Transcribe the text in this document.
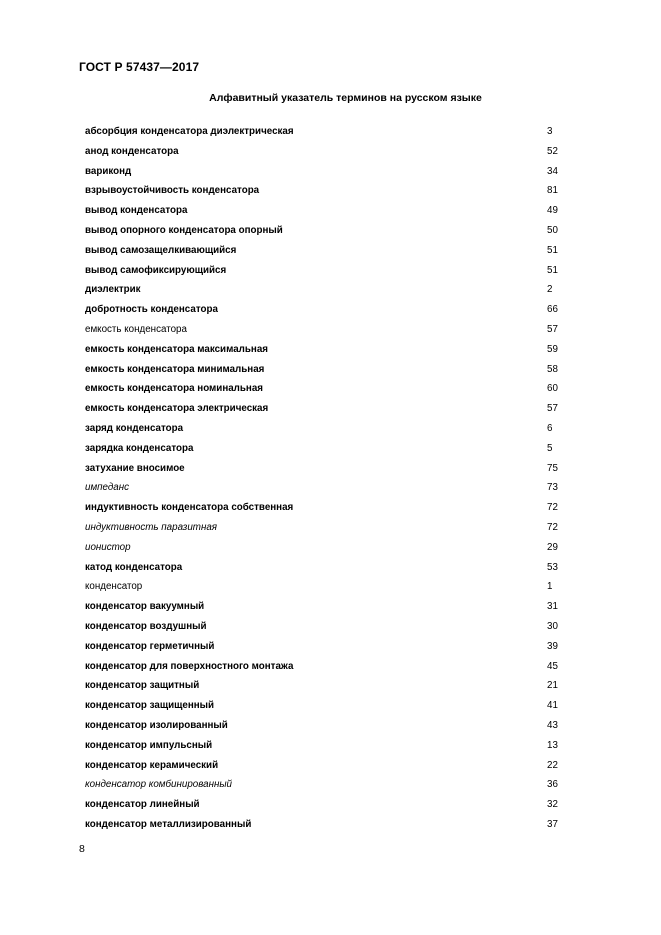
ГОСТ Р 57437—2017
Алфавитный указатель терминов на русском языке
абсорбция конденсатора диэлектрическая	3
анод конденсатора	52
вариконд	34
взрывоустойчивость конденсатора	81
вывод конденсатора	49
вывод опорного конденсатора опорный	50
вывод самозащелкивающийся	51
вывод самофиксирующийся	51
диэлектрик	2
добротность конденсатора	66
емкость конденсатора	57
емкость конденсатора максимальная	59
емкость конденсатора минимальная	58
емкость конденсатора номинальная	60
емкость конденсатора электрическая	57
заряд конденсатора	6
зарядка конденсатора	5
затухание вносимое	75
импеданс	73
индуктивность конденсатора собственная	72
индуктивность паразитная	72
ионистор	29
катод конденсатора	53
конденсатор	1
конденсатор вакуумный	31
конденсатор воздушный	30
конденсатор герметичный	39
конденсатор для поверхностного монтажа	45
конденсатор защитный	21
конденсатор защищенный	41
конденсатор изолированный	43
конденсатор импульсный	13
конденсатор керамический	22
конденсатор комбинированный	36
конденсатор линейный	32
конденсатор металлизированный	37
8
